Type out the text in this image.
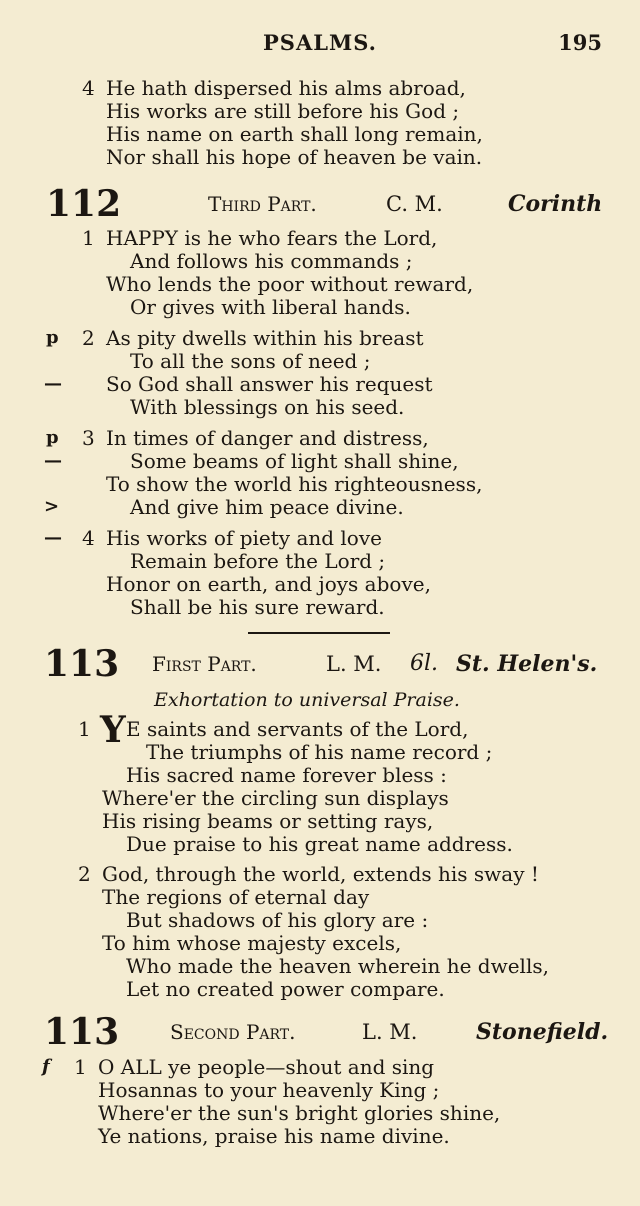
PSALMS.	195
4 He hath dispersed his alms abroad,
His works are still before his God ;
His name on earth shall long remain,
Nor shall his hope of heaven be vain.
112	Third Part.	C. M.	Corinth
1 HAPPY is he who fears the Lord,
And follows his commands ;
Who lends the poor without reward,
Or gives with liberal hands.
p 2 As pity dwells within his breast
To all the sons of need ;
— So God shall answer his request
With blessings on his seed.
p 3 In times of danger and distress,
—	Some beams of light shall shine,
To show the world his righteousness,
>	And give him peace divine.
— 4 His works of piety and love
Remain before the Lord ;
Honor on earth, and joys above,
Shall be his sure reward.
113 First Part.	L. M. 6l. St. Helen's.
Exhortation to universal Praise.
1 Y E saints and servants of the Lord,
The triumphs of his name record ;
His sacred name forever bless :
Where'er the circling sun displays
His rising beams or setting rays,
Due praise to his great name address.
2 God, through the world, extends his sway !
The regions of eternal day
But shadows of his glory are :
To him whose majesty excels,
Who made the heaven wherein he dwells,
Let no created power compare.
113	Second Part.	L. M.	Stonefield.
f 1 O ALL ye people—shout and sing
Hosannas to your heavenly King ;
Where'er the sun's bright glories shine,
Ye nations, praise his name divine.
